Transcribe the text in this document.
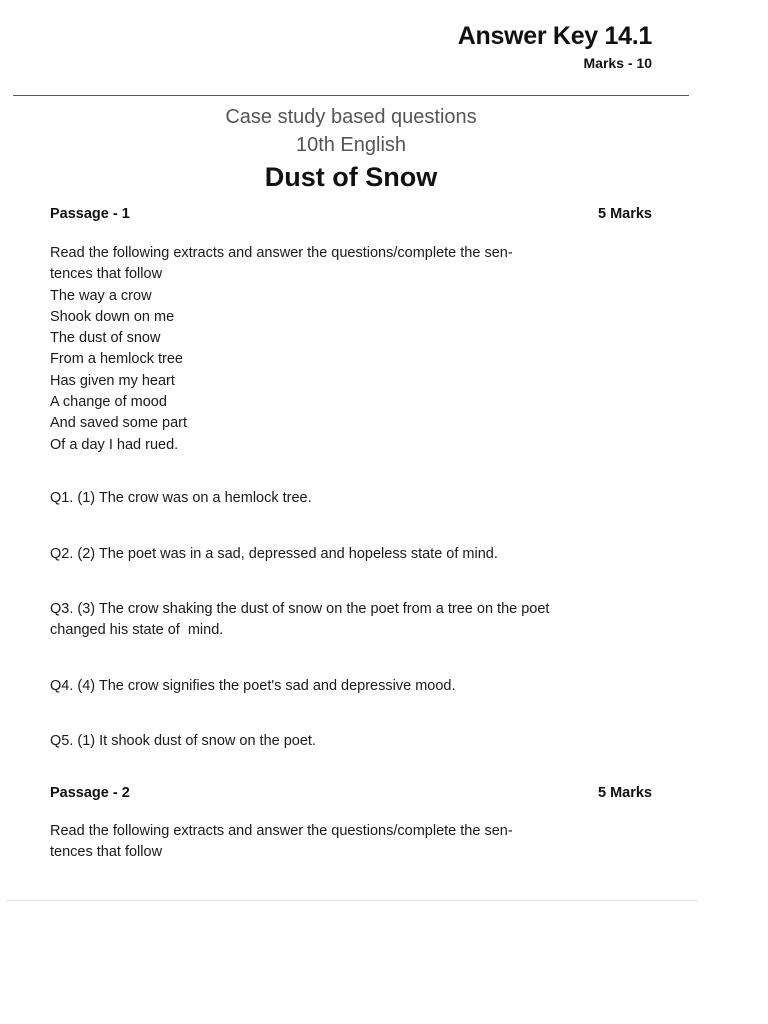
Answer Key 14.1
Marks - 10
Case study based questions
10th English
Dust of Snow
Passage - 1	5 Marks
Read the following extracts and answer the questions/complete the sen-
tences that follow
The way a crow
Shook down on me
The dust of snow
From a hemlock tree
Has given my heart
A change of mood
And saved some part
Of a day I had rued.
Q1. (1) The crow was on a hemlock tree.
Q2. (2) The poet was in a sad, depressed and hopeless state of mind.
Q3. (3) The crow shaking the dust of snow on the poet from a tree on the poet
changed his state of  mind.
Q4. (4) The crow signifies the poet's sad and depressive mood.
Q5. (1) It shook dust of snow on the poet.
Passage - 2	5 Marks
Read the following extracts and answer the questions/complete the sen-
tences that follow
